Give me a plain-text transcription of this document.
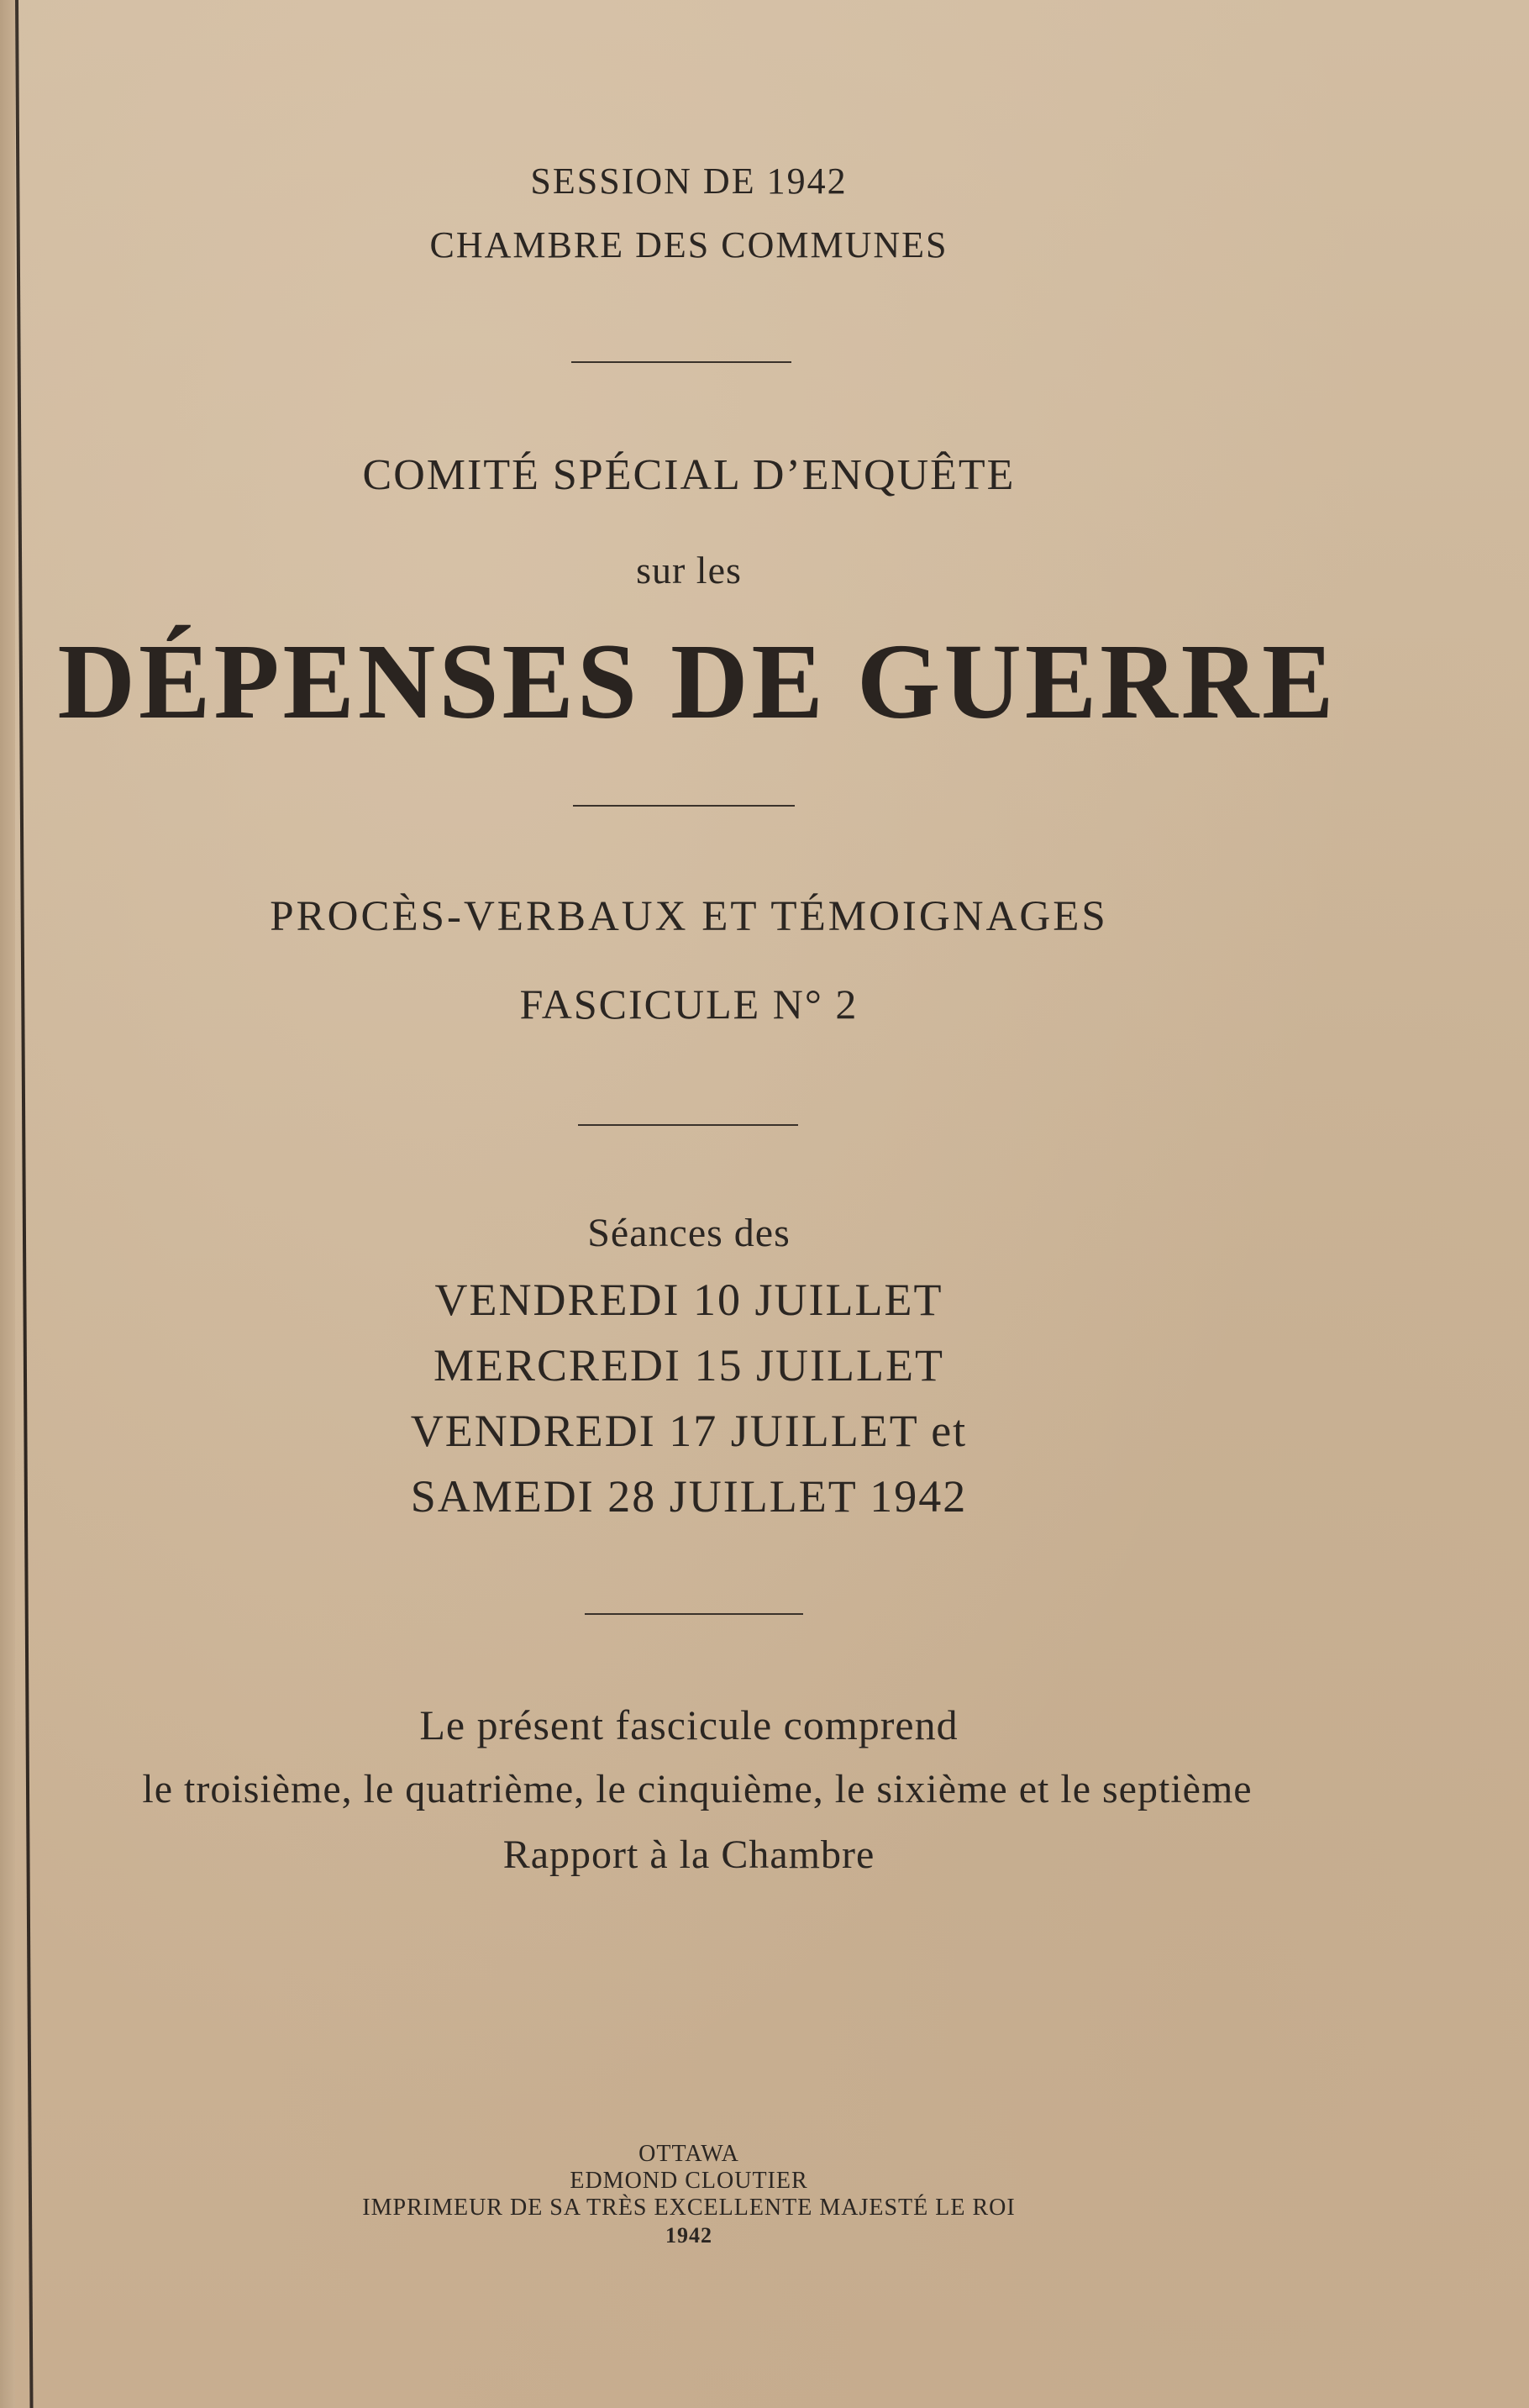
SESSION DE 1942
CHAMBRE DES COMMUNES
COMITÉ SPÉCIAL D’ENQUÊTE
sur les
DÉPENSES DE GUERRE
PROCÈS-VERBAUX ET TÉMOIGNAGES
FASCICULE N° 2
Séances des
VENDREDI 10 JUILLET
MERCREDI 15 JUILLET
VENDREDI 17 JUILLET et
SAMEDI 28 JUILLET 1942
Le présent fascicule comprend
le troisième, le quatrième, le cinquième, le sixième et le septième
Rapport à la Chambre
OTTAWA
EDMOND CLOUTIER
IMPRIMEUR DE SA TRÈS EXCELLENTE MAJESTÉ LE ROI
1942
